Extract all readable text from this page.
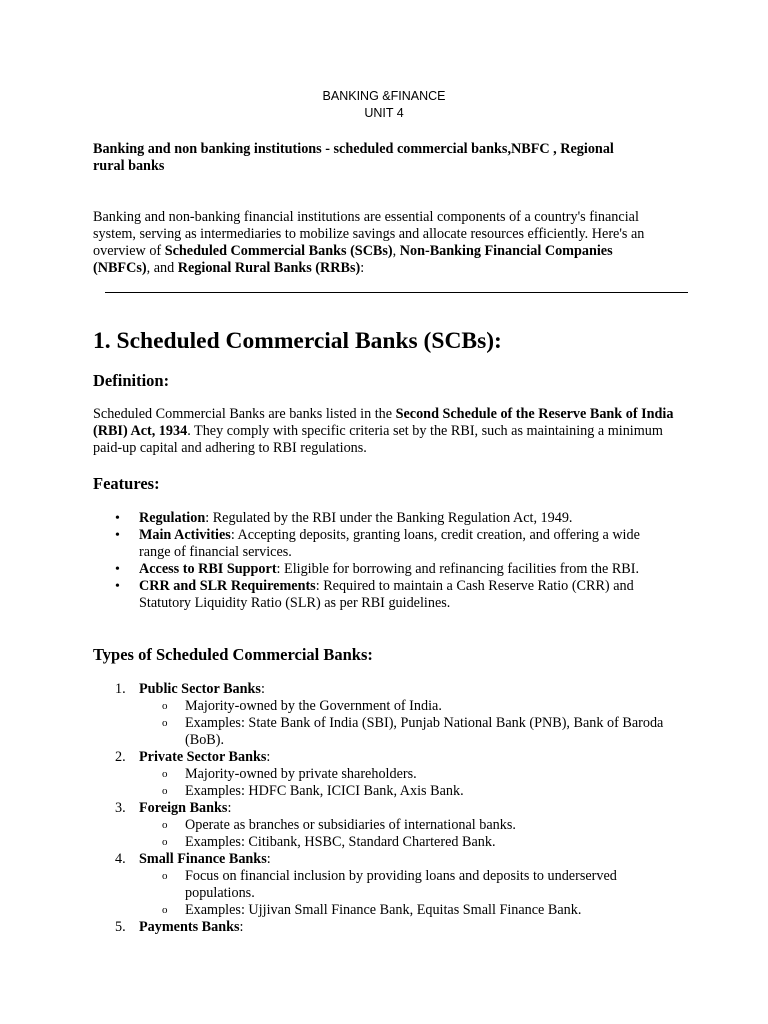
BANKING &FINANCE
UNIT 4
Banking and non banking institutions - scheduled commercial banks,NBFC , Regional
rural banks

Banking and non-banking financial institutions are essential components of a country's financial system, serving as intermediaries to mobilize savings and allocate resources efficiently. Here's an overview of Scheduled Commercial Banks (SCBs), Non-Banking Financial Companies (NBFCs), and Regional Rural Banks (RRBs):

1. Scheduled Commercial Banks (SCBs):
Definition:

Scheduled Commercial Banks are banks listed in the Second Schedule of the Reserve Bank of India (RBI) Act, 1934. They comply with specific criteria set by the RBI, such as maintaining a minimum paid-up capital and adhering to RBI regulations.

Features:
• Regulation: Regulated by the RBI under the Banking Regulation Act, 1949.
• Main Activities: Accepting deposits, granting loans, credit creation, and offering a wide range of financial services.
• Access to RBI Support: Eligible for borrowing and refinancing facilities from the RBI.
• CRR and SLR Requirements: Required to maintain a Cash Reserve Ratio (CRR) and Statutory Liquidity Ratio (SLR) as per RBI guidelines.
Types of Scheduled Commercial Banks:
1. Public Sector Banks:
o Majority-owned by the Government of India.
o Examples: State Bank of India (SBI), Punjab National Bank (PNB), Bank of Baroda (BoB).
2. Private Sector Banks:
o Majority-owned by private shareholders.
o Examples: HDFC Bank, ICICI Bank, Axis Bank.
3. Foreign Banks:
o Operate as branches or subsidiaries of international banks.
o Examples: Citibank, HSBC, Standard Chartered Bank.
4. Small Finance Banks:
o Focus on financial inclusion by providing loans and deposits to underserved populations.
o Examples: Ujjivan Small Finance Bank, Equitas Small Finance Bank.
5. Payments Banks:
